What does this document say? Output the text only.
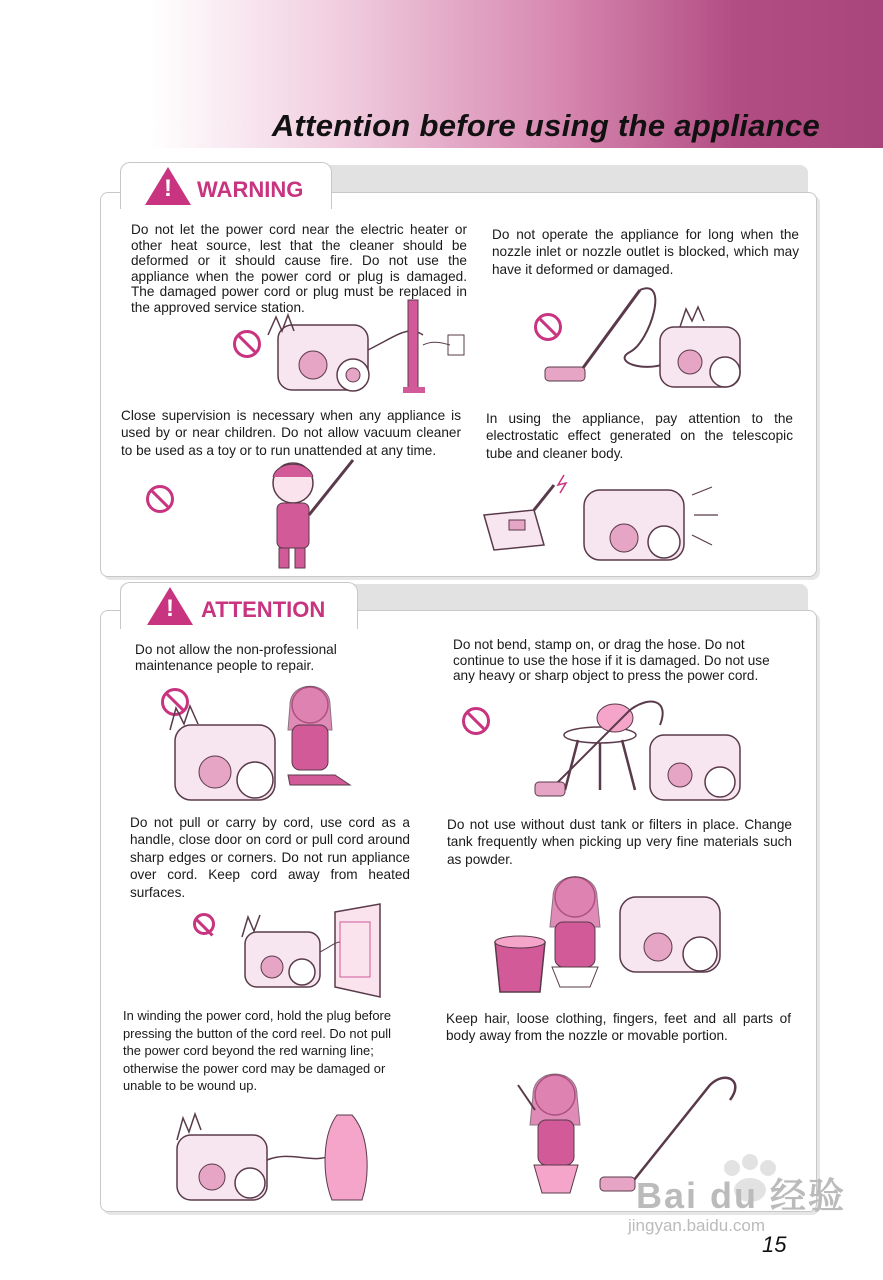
Attention before using the appliance
!	WARNING
Do not let the power cord near the electric heater or other heat source, lest that the cleaner should be deformed or it should cause fire. Do not use the appliance when the power cord or plug is damaged. The damaged power cord or plug must be replaced in the approved service station.
Do not operate the appliance for long when the nozzle inlet or nozzle outlet is blocked, which may have it deformed or damaged.
Close supervision is necessary when any appliance is used by or near children. Do not allow vacuum cleaner to be used as a toy or to run unattended at any time.
In using the appliance, pay attention to the electrostatic effect generated on the telescopic tube and cleaner body.
!	ATTENTION
Do not allow the non-professional maintenance people to repair.
Do not bend, stamp on, or drag the hose. Do not continue to use the hose if it is damaged. Do not use any heavy or sharp object to press the power cord.
Do not pull or carry by cord, use cord as a handle, close door on cord or pull cord around sharp edges or corners. Do not run appliance over cord. Keep cord away from heated surfaces.
Do not use without dust tank or filters in place. Change tank frequently when picking up very fine materials such as powder.
In winding the power cord, hold the plug before pressing the button of the cord reel. Do not pull the power cord beyond the red warning line; otherwise the power cord may be damaged or unable to be wound up.
Keep hair, loose clothing, fingers, feet and all parts of body away from the nozzle or movable portion.
Bai du 经验
jingyan.baidu.com
15
